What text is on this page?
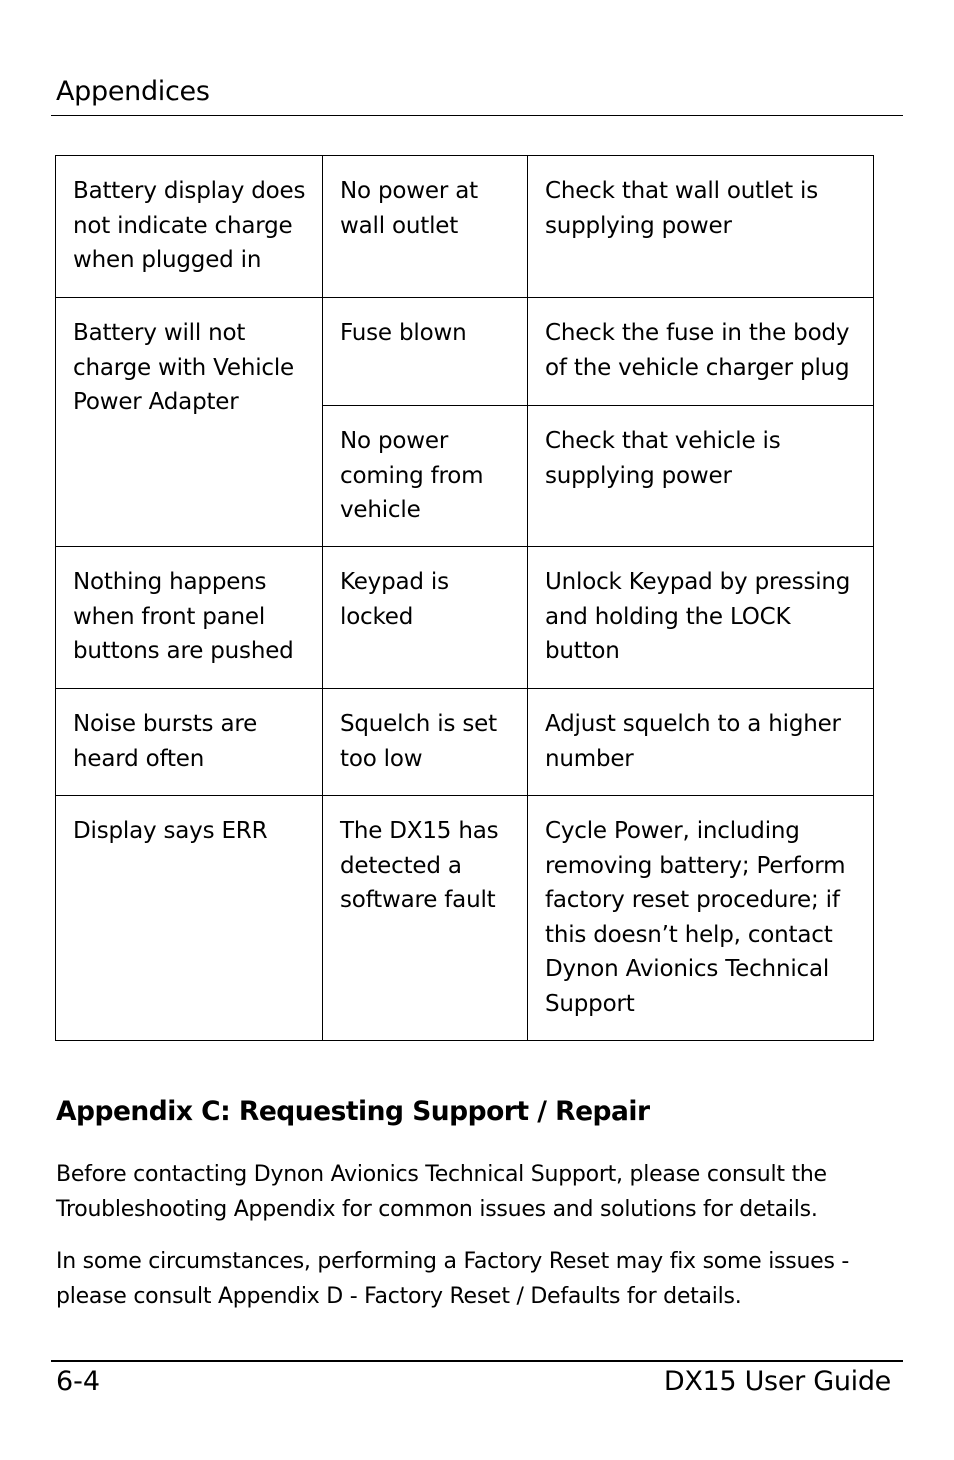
Appendices
Battery display does not indicate charge when plugged in	No power at wall outlet	Check that wall outlet is supplying power
Battery will not charge with Vehicle Power Adapter	Fuse blown	Check the fuse in the body of the vehicle charger plug
	No power coming from vehicle	Check that vehicle is supplying power
Nothing happens when front panel buttons are pushed	Keypad is locked	Unlock Keypad by pressing and holding the LOCK button
Noise bursts are heard often	Squelch is set too low	Adjust squelch to a higher number
Display says ERR	The DX15 has detected a software fault	Cycle Power, including removing battery; Perform factory reset procedure; if this doesn’t help, contact Dynon Avionics Technical Support
Appendix C: Requesting Support / Repair

Before contacting Dynon Avionics Technical Support, please consult the Troubleshooting Appendix for common issues and solutions for details.

In some circumstances, performing a Factory Reset may fix some issues - please consult Appendix D - Factory Reset / Defaults for details.

6-4	DX15 User Guide
